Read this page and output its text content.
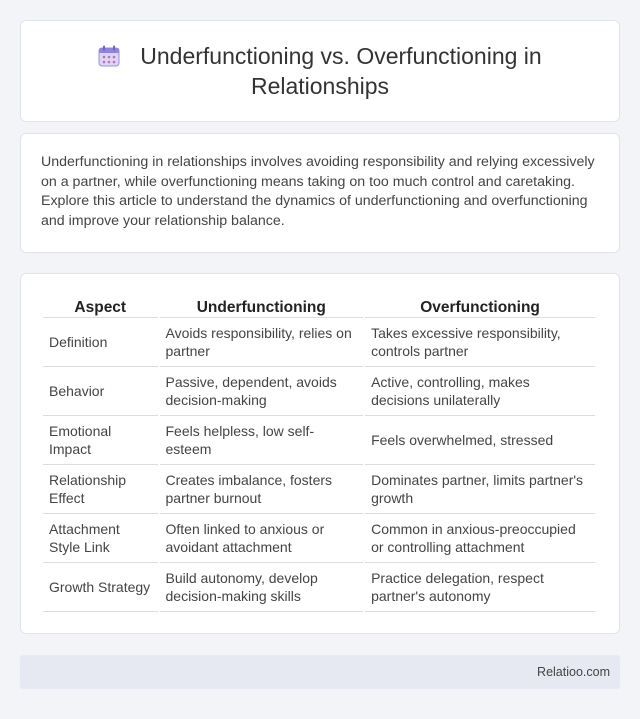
Underfunctioning vs. Overfunctioning in Relationships

Underfunctioning in relationships involves avoiding responsibility and relying excessively on a partner, while overfunctioning means taking on too much control and caretaking. Explore this article to understand the dynamics of underfunctioning and overfunctioning and improve your relationship balance.

Aspect	Underfunctioning	Overfunctioning
Definition	Avoids responsibility, relies on partner	Takes excessive responsibility, controls partner
Behavior	Passive, dependent, avoids decision-making	Active, controlling, makes decisions unilaterally
Emotional Impact	Feels helpless, low self-esteem	Feels overwhelmed, stressed
Relationship Effect	Creates imbalance, fosters partner burnout	Dominates partner, limits partner's growth
Attachment Style Link	Often linked to anxious or avoidant attachment	Common in anxious-preoccupied or controlling attachment
Growth Strategy	Build autonomy, develop decision-making skills	Practice delegation, respect partner's autonomy
Relatioo.com
